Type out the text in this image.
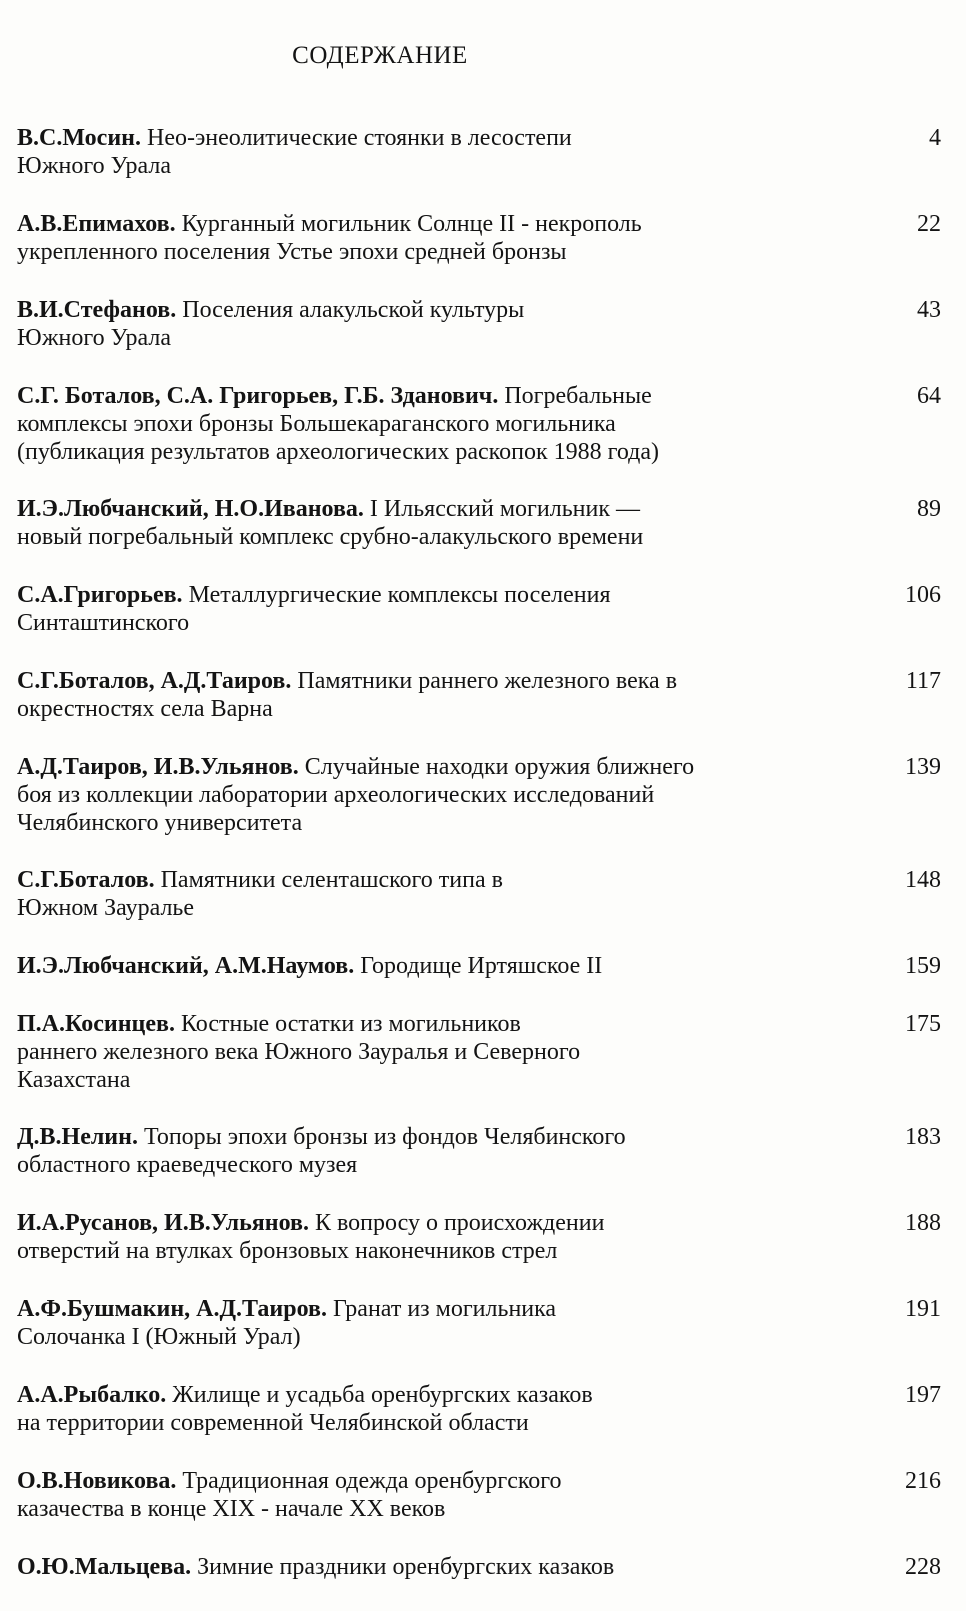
СОДЕРЖАНИЕ
В.С.Мосин. Нео-энеолитические стоянки в лесостепи
Южного Урала
4
А.В.Епимахов. Курганный могильник Солнце II - некрополь
укрепленного поселения Устье эпохи средней бронзы
22
В.И.Стефанов. Поселения алакульской культуры
Южного Урала
43
С.Г. Боталов, С.А. Григорьев, Г.Б. Зданович. Погребальные
комплексы эпохи бронзы Большекараганского могильника
(публикация результатов археологических раскопок 1988 года)
64
И.Э.Любчанский, Н.О.Иванова. I Ильясский могильник —
новый погребальный комплекс срубно-алакульского времени
89
С.А.Григорьев. Металлургические комплексы поселения
Синташтинского
106
С.Г.Боталов, А.Д.Таиров. Памятники раннего железного века в
окрестностях села Варна
117
А.Д.Таиров, И.В.Ульянов. Случайные находки оружия ближнего
боя из коллекции лаборатории археологических исследований
Челябинского университета
139
С.Г.Боталов. Памятники селенташского типа в
Южном Зауралье
148
И.Э.Любчанский, А.М.Наумов. Городище Иртяшское II	159
П.А.Косинцев. Костные остатки из могильников
раннего железного века Южного Зауралья и Северного
Казахстана
175
Д.В.Нелин. Топоры эпохи бронзы из фондов Челябинского
областного краеведческого музея
183
И.А.Русанов, И.В.Ульянов. К вопросу о происхождении
отверстий на втулках бронзовых наконечников стрел
188
А.Ф.Бушмакин, А.Д.Таиров. Гранат из могильника
Солочанка I (Южный Урал)
191
А.А.Рыбалко. Жилище и усадьба оренбургских казаков
на территории современной Челябинской области
197
О.В.Новикова. Традиционная одежда оренбургского
казачества в конце XIX - начале XX веков
216
О.Ю.Мальцева. Зимние праздники оренбургских казаков	228
